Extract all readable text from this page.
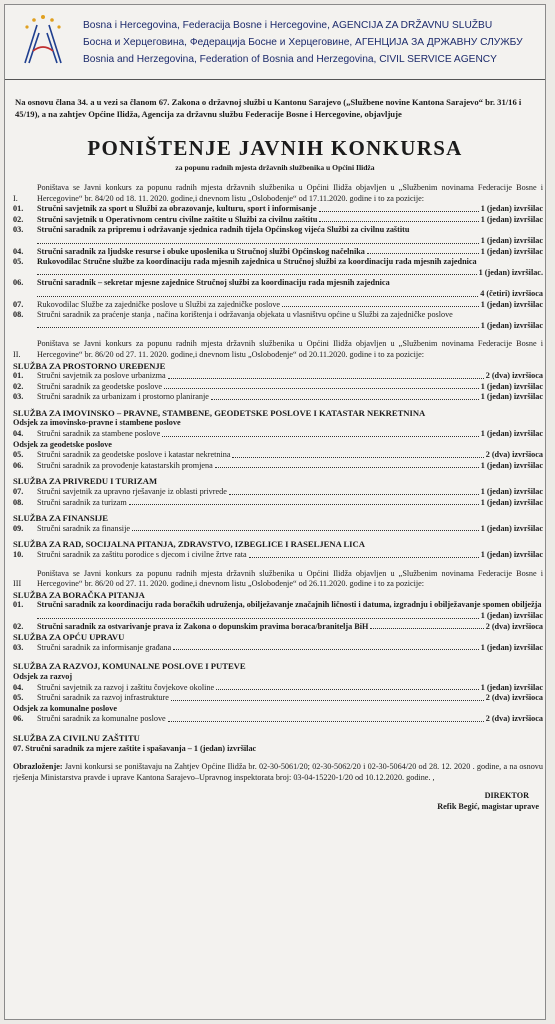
Bosna i Hercegovina, Federacija Bosne i Hercegovine, AGENCIJA ZA DRŽAVNU SLUŽBU
Босна и Херцеговина, Федерација Босне и Херцеговине, АГЕНЦИЈА ЗА ДРЖАВНУ СЛУЖБУ
Bosnia and Herzegovina, Federation of Bosnia and Herzegovina, CIVIL SERVICE AGENCY
Na osnovu člana 34. a u vezi sa članom 67. Zakona o državnoj službi u Kantonu Sarajevo („Službene novine Kantona Sarajevo“ br. 31/16 i 45/19), a na zahtjev Općine Ilidža, Agencija za državnu službu Federacije Bosne i Hercegovine, objavljuje
PONIŠTENJE JAVNIH KONKURSA
za popunu radnih mjesta državnih službenika u Općini Ilidža
I.
Poništava se Javni konkurs za popunu radnih mjesta državnih službenika u Općini Ilidža objavljen u „Službenim novinama Federacije Bosne i Hercegovine“ br. 84/20 od 18. 11. 2020. godine,i dnevnom listu „Oslobođenje“ od 17.11.2020. godine i to za pozicije:
01.	Stručni savjetnik za sport u Službi za obrazovanje, kulturu, sport i informisanje	1 (jedan) izvršilac
02.	Stručni savjetnik u Operativnom centru civilne zaštite u Službi za civilnu zaštitu	1 (jedan) izvršilac
03.	Stručni saradnik za pripremu i održavanje sjednica radnih tijela Općinskog vijeća Službi za civilnu zaštitu
1 (jedan) izvršilac
04.	Stručni saradnik za ljudske resurse i obuke uposlenika u Stručnoj službi Općinskog načelnika	1 (jedan) izvršilac
05.	Rukovodilac Stručne službe za koordinaciju rada mjesnih zajednica u Stručnoj službi za koordinaciju rada mjesnih zajednica
1 (jedan) izvršilac.
06.	Stručni saradnik – sekretar mjesne zajednice Stručnoj službi za koordinaciju rada mjesnih zajednica
4 (četiri) izvršioca
07.	Rukovodilac Službe za zajedničke poslove u Službi za zajedničke poslove	1 (jedan) izvršilac
08.	Stručni saradnik za praćenje stanja , načina korištenja i održavanja objekata u vlasništvu općine u Službi za zajedničke poslove
1 (jedan) izvršilac
II.
Poništava se Javni konkurs za popunu radnih mjesta državnih službenika u Općini Ilidža objavljen u „Službenim novinama Federacije Bosne i Hercegovine“ br. 86/20 od 27. 11. 2020. godine,i dnevnom listu „Oslobođenje“ od 20.11.2020. godine i to za pozicije:
SLUŽBA ZA PROSTORNO UREĐENJE
01.	Stručni savjetnik za poslove urbanizma	2 (dva) izvršioca
02.	Stručni saradnik za geodetske poslove	1 (jedan) izvršilac
03.	Stručni saradnik za urbanizam i prostorno planiranje	1 (jedan) izvršilac
SLUŽBA ZA IMOVINSKO – PRAVNE, STAMBENE, GEODETSKE POSLOVE I KATASTAR NEKRETNINA
Odsjek za imovinsko-pravne i stambene poslove
04.	Stručni saradnik za stambene poslove	1 (jedan) izvršilac
Odsjek za geodetske poslove
05.	Stručni saradnik za geodetske poslove i katastar nekretnina	2 (dva) izvršioca
06.	Stručni saradnik za provođenje katastarskih promjena	1 (jedan) izvršilac
SLUŽBA ZA PRIVREDU I TURIZAM
07.	Stručni savjetnik za upravno rješavanje iz oblasti privrede	1 (jedan) izvršilac
08.	Stručni saradnik za turizam	1 (jedan) izvršilac
SLUŽBA ZA FINANSIJE
09.	Stručni saradnik za finansije	1 (jedan) izvršilac
SLUŽBA ZA RAD, SOCIJALNA PITANJA, ZDRAVSTVO, IZBEGLICE I RASELJENA LICA
10.	Stručni saradnik za zaštitu porodice s djecom i civilne žrtve rata	1 (jedan) izvršilac
III
Poništava se Javni konkurs za popunu radnih mjesta državnih službenika u Općini Ilidža objavljen u „Službenim novinama Federacije Bosne i Hercegovine“ br. 86/20 od 27. 11. 2020. godine,i dnevnom listu „Oslobođenje“ od 26.11.2020. godine i to za pozicije:
SLUŽBA ZA BORAČKA PITANJA
01.	Stručni saradnik za koordinaciju rada boračkih udruženja, obilježavanje značajnih ličnosti i datuma, izgradnju i obilježavanje spomen obilježja
1 (jedan) izvršilac
02.	Stručni saradnik za ostvarivanje prava iz Zakona o dopunskim pravima boraca/branitelja BiH	2 (dva) izvršioca
SLUŽBA ZA OPĆU UPRAVU
03.	Stručni saradnik za informisanje građana	1 (jedan) izvršilac
SLUŽBA ZA RAZVOJ, KOMUNALNE POSLOVE I PUTEVE
Odsjek za razvoj
04.	Stručni savjetnik za razvoj i zaštitu čovjekove okoline	1 (jedan) izvršilac
05.	Stručni saradnik za razvoj infrastrukture	2 (dva) izvršioca
Odsjek za komunalne poslove
06.	Stručni saradnik za komunalne poslove	2 (dva) izvršioca
SLUŽBA ZA CIVILNU ZAŠTITU
07. Stručni saradnik za mjere zaštite i spašavanja – 1 (jedan) izvršilac
Obrazloženje: Javni konkursi se poništavaju na Zahtjev Općine Ilidža br. 02-30-5061/20; 02-30-5062/20 i 02-30-5064/20 od 28. 12. 2020 . godine, a na osnovu rješenja Ministarstva pravde i uprave Kantona Sarajevo–Upravnog inspektorata broj: 03-04-15220-1/20 od 10.12.2020. godine. ,
DIREKTOR
Refik Begić, magistar uprave
